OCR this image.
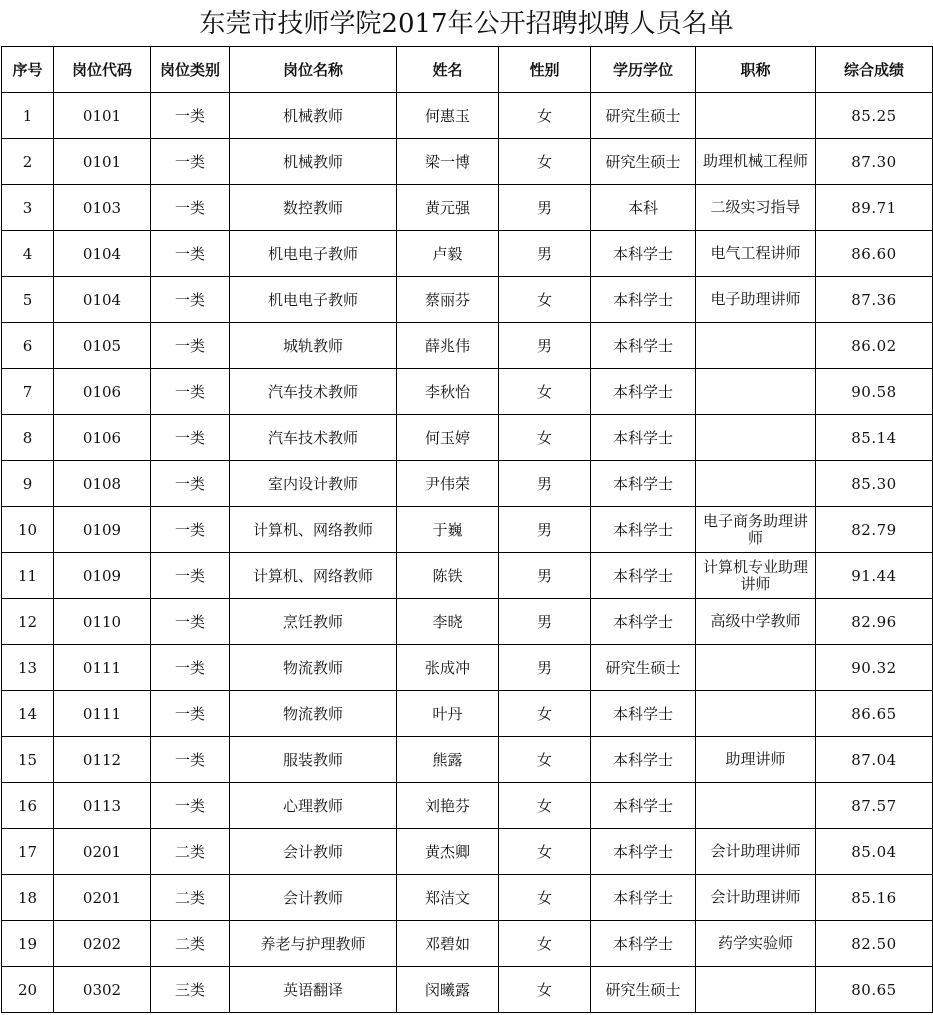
东莞市技师学院2017年公开招聘拟聘人员名单
序号	岗位代码	岗位类别	岗位名称	姓名	性别	学历学位	职称	综合成绩
1	0101	一类	机械教师	何惠玉	女	研究生硕士		85.25
2	0101	一类	机械教师	梁一博	女	研究生硕士	助理机械工程师	87.30
3	0103	一类	数控教师	黄元强	男	本科	二级实习指导	89.71
4	0104	一类	机电电子教师	卢毅	男	本科学士	电气工程讲师	86.60
5	0104	一类	机电电子教师	蔡丽芬	女	本科学士	电子助理讲师	87.36
6	0105	一类	城轨教师	薛兆伟	男	本科学士		86.02
7	0106	一类	汽车技术教师	李秋怡	女	本科学士		90.58
8	0106	一类	汽车技术教师	何玉婷	女	本科学士		85.14
9	0108	一类	室内设计教师	尹伟荣	男	本科学士		85.30
10	0109	一类	计算机、网络教师	于巍	男	本科学士	电子商务助理讲师	82.79
11	0109	一类	计算机、网络教师	陈铁	男	本科学士	计算机专业助理讲师	91.44
12	0110	一类	烹饪教师	李晓	男	本科学士	高级中学教师	82.96
13	0111	一类	物流教师	张成冲	男	研究生硕士		90.32
14	0111	一类	物流教师	叶丹	女	本科学士		86.65
15	0112	一类	服装教师	熊露	女	本科学士	助理讲师	87.04
16	0113	一类	心理教师	刘艳芬	女	本科学士		87.57
17	0201	二类	会计教师	黄杰卿	女	本科学士	会计助理讲师	85.04
18	0201	二类	会计教师	郑洁文	女	本科学士	会计助理讲师	85.16
19	0202	二类	养老与护理教师	邓碧如	女	本科学士	药学实验师	82.50
20	0302	三类	英语翻译	闵曦露	女	研究生硕士		80.65
